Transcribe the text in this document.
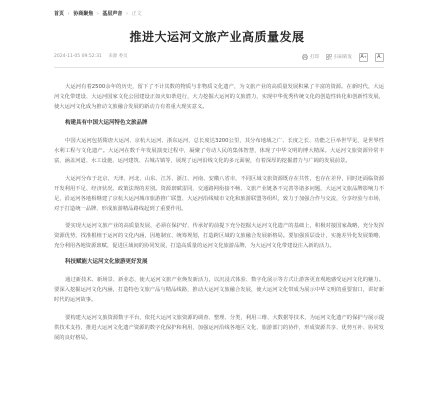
首页 › 协商聚焦 › 基层声音 › 正文
推进大运河文旅产业高质量发展
2024-11-05 09:52:31 来源 委员	打印	扫码转发 A + A -

大运河有着2500余年的历史，留下了不计其数的物质与非物质文化遗产，为文旅产业的高质量发展积累了丰富的资源。在新时代，大运河文化带建设、大运河国家文化公园建设正如火如荼进行，大力挖掘大运河的文旅潜力，实现中华优秀传统文化的创造性转化和创新性发展，使大运河文化成为推动文旅融合发展的新动力有着重大现实意义。

构建具有中国大运河特色文旅品牌

中国大运河包括隋唐大运河、京杭大运河、浙东运河，总长度达3200公里，其分布地域之广、长度之长、功能之巨举世罕见，是世界性水利工程与文化遗产。大运河在数千年发展演变过程中，凝聚了劳动人民的集体智慧，体现了中华文明的博大精深。大运河文旅资源异常丰富，涵盖河道、水工设施、运河建筑、古城古镇等，展现了运河沿线文化的多元面貌，有着深厚的挖掘潜力与广阔的发展前景。

大运河分布于北京、天津、河北、山东、江苏、浙江、河南、安徽八省市，不同区域文旅资源既存在共性，也存在差异，同时还面临资源开发利用不足、经济状况、政策法规的差别。资源禀赋雷同、交通路网衔接不畅、文旅产业链条不完善等诸多问题，大运河文旅品牌影响力不足，沿运河各地相继建了京杭大运河城市旅游推广联盟、大运河沿线城市文化和旅游联盟等组织，致力于加强合作与交流，分享经验与市场，对于打造统一品牌、形成旅游精品路线起到了重要作用。

要实现大运河文旅产业的高质量发展，必须在保护好、传承好的前提下充分挖掘大运河文化遗产的基础上，积极对接国家战略，充分发挥资源优势，找准根植于运河的文化内涵，因地制宜、统筹规划，打造跨区域的文旅融合发展新格局。要加强顶层设计，实施差异化发展策略，充分利用各地资源禀赋，促进区域间的协同发展，打造高质量的运河文化旅游品牌，为大运河文化带建设注入新的活力。

科技赋能大运河文化旅游更好发展

通过新技术、新场景、新业态，使大运河文旅产业焕发新活力，以沉浸式体验、数字化展示等方式让游客更直观地感受运河文化的魅力。要深入挖掘运河文化内涵，打造特色文旅产品与精品线路，推动大运河文旅融合发展，使大运河文化带成为展示中华文明的重要窗口，讲好新时代的运河故事。

要构建大运河文旅资源数字平台，依托大运河文旅资源的调查、整理、分类，利用三维、大数据等技术，为运河文化遗产的保护与展示提供技术支持，推进大运河文化遗产资源的数字化保护和利用，加强运河沿线各地区文化、旅游部门的协作，形成资源共享、优势互补、协同发展的良好格局。
